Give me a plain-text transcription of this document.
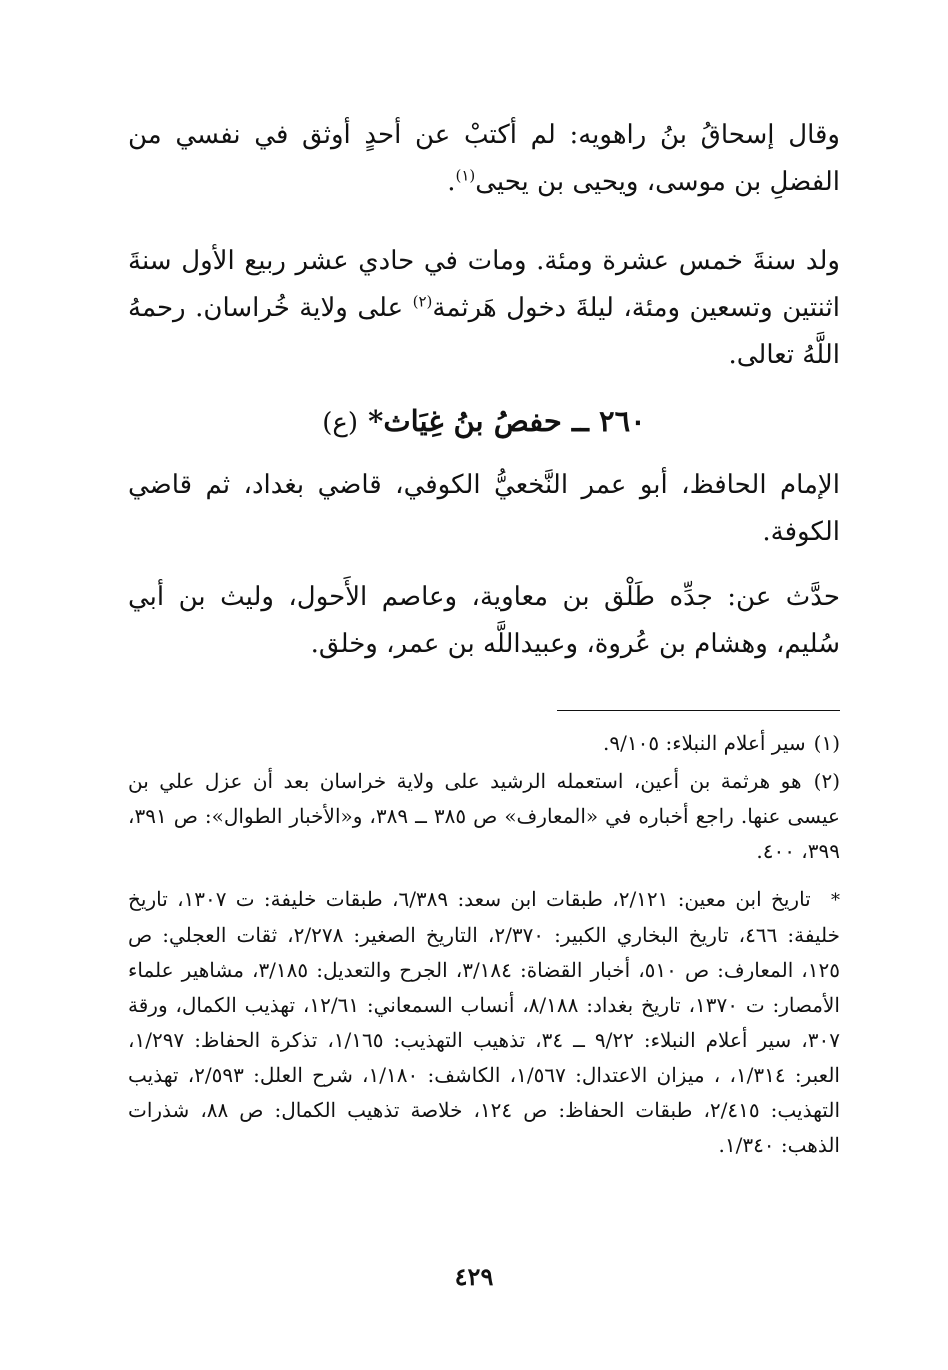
وقال إسحاقُ بنُ راهويه: لم أكتبْ عن أحدٍ أوثق في نفسي من الفضلِ بن موسى، ويحيى بن يحيى$^{(١)}$.

ولد سنةَ خمس عشرة ومئة. ومات في حادي عشر ربيع الأول سنةَ اثنتين وتسعين ومئة، ليلةَ دخول هَرثمة$^{(٢)}$ على ولاية خُراسان. رحمهُ اللَّهُ تعالى.

٢٦٠ ــ حفصُ بنُ غِيَاث* (ع)

الإمام الحافظ، أبو عمر النَّخعيُّ الكوفي، قاضي بغداد، ثم قاضي الكوفة.

حدَّث عن: جدِّه طَلْق بن معاوية، وعاصم الأَحول، وليث بن أبي سُليم، وهشام بن عُروة، وعبيداللَّه بن عمر، وخلق.

(١) سير أعلام النبلاء: ٩/١٠٥.
(٢) هو هرثمة بن أعين، استعمله الرشيد على ولاية خراسان بعد أن عزل علي بن عيسى عنها. راجع أخباره في «المعارف» ص ٣٨٥ ــ ٣٨٩، و«الأخبار الطوال»: ص ٣٩١، ٣٩٩، ٤٠٠.
* تاريخ ابن معين: ٢/١٢١، طبقات ابن سعد: ٦/٣٨٩، طبقات خليفة: ت ١٣٠٧، تاريخ خليفة: ٤٦٦، تاريخ البخاري الكبير: ٢/٣٧٠، التاريخ الصغير: ٢/٢٧٨، ثقات العجلي: ص ١٢٥، المعارف: ص ٥١٠، أخبار القضاة: ٣/١٨٤، الجرح والتعديل: ٣/١٨٥، مشاهير علماء الأمصار: ت ١٣٧٠، تاريخ بغداد: ٨/١٨٨، أنساب السمعاني: ١٢/٦١، تهذيب الكمال، ورقة ٣٠٧، سير أعلام النبلاء: ٩/٢٢ ــ ٣٤، تذهيب التهذيب: ١/١٦٥، تذكرة الحفاظ: ١/٢٩٧، العبر: ١/٣١٤، ، ميزان الاعتدال: ١/٥٦٧، الكاشف: ١/١٨٠، شرح العلل: ٢/٥٩٣، تهذيب التهذيب: ٢/٤١٥، طبقات الحفاظ: ص ١٢٤، خلاصة تذهيب الكمال: ص ٨٨، شذرات الذهب: ١/٣٤٠.
٤٢٩
